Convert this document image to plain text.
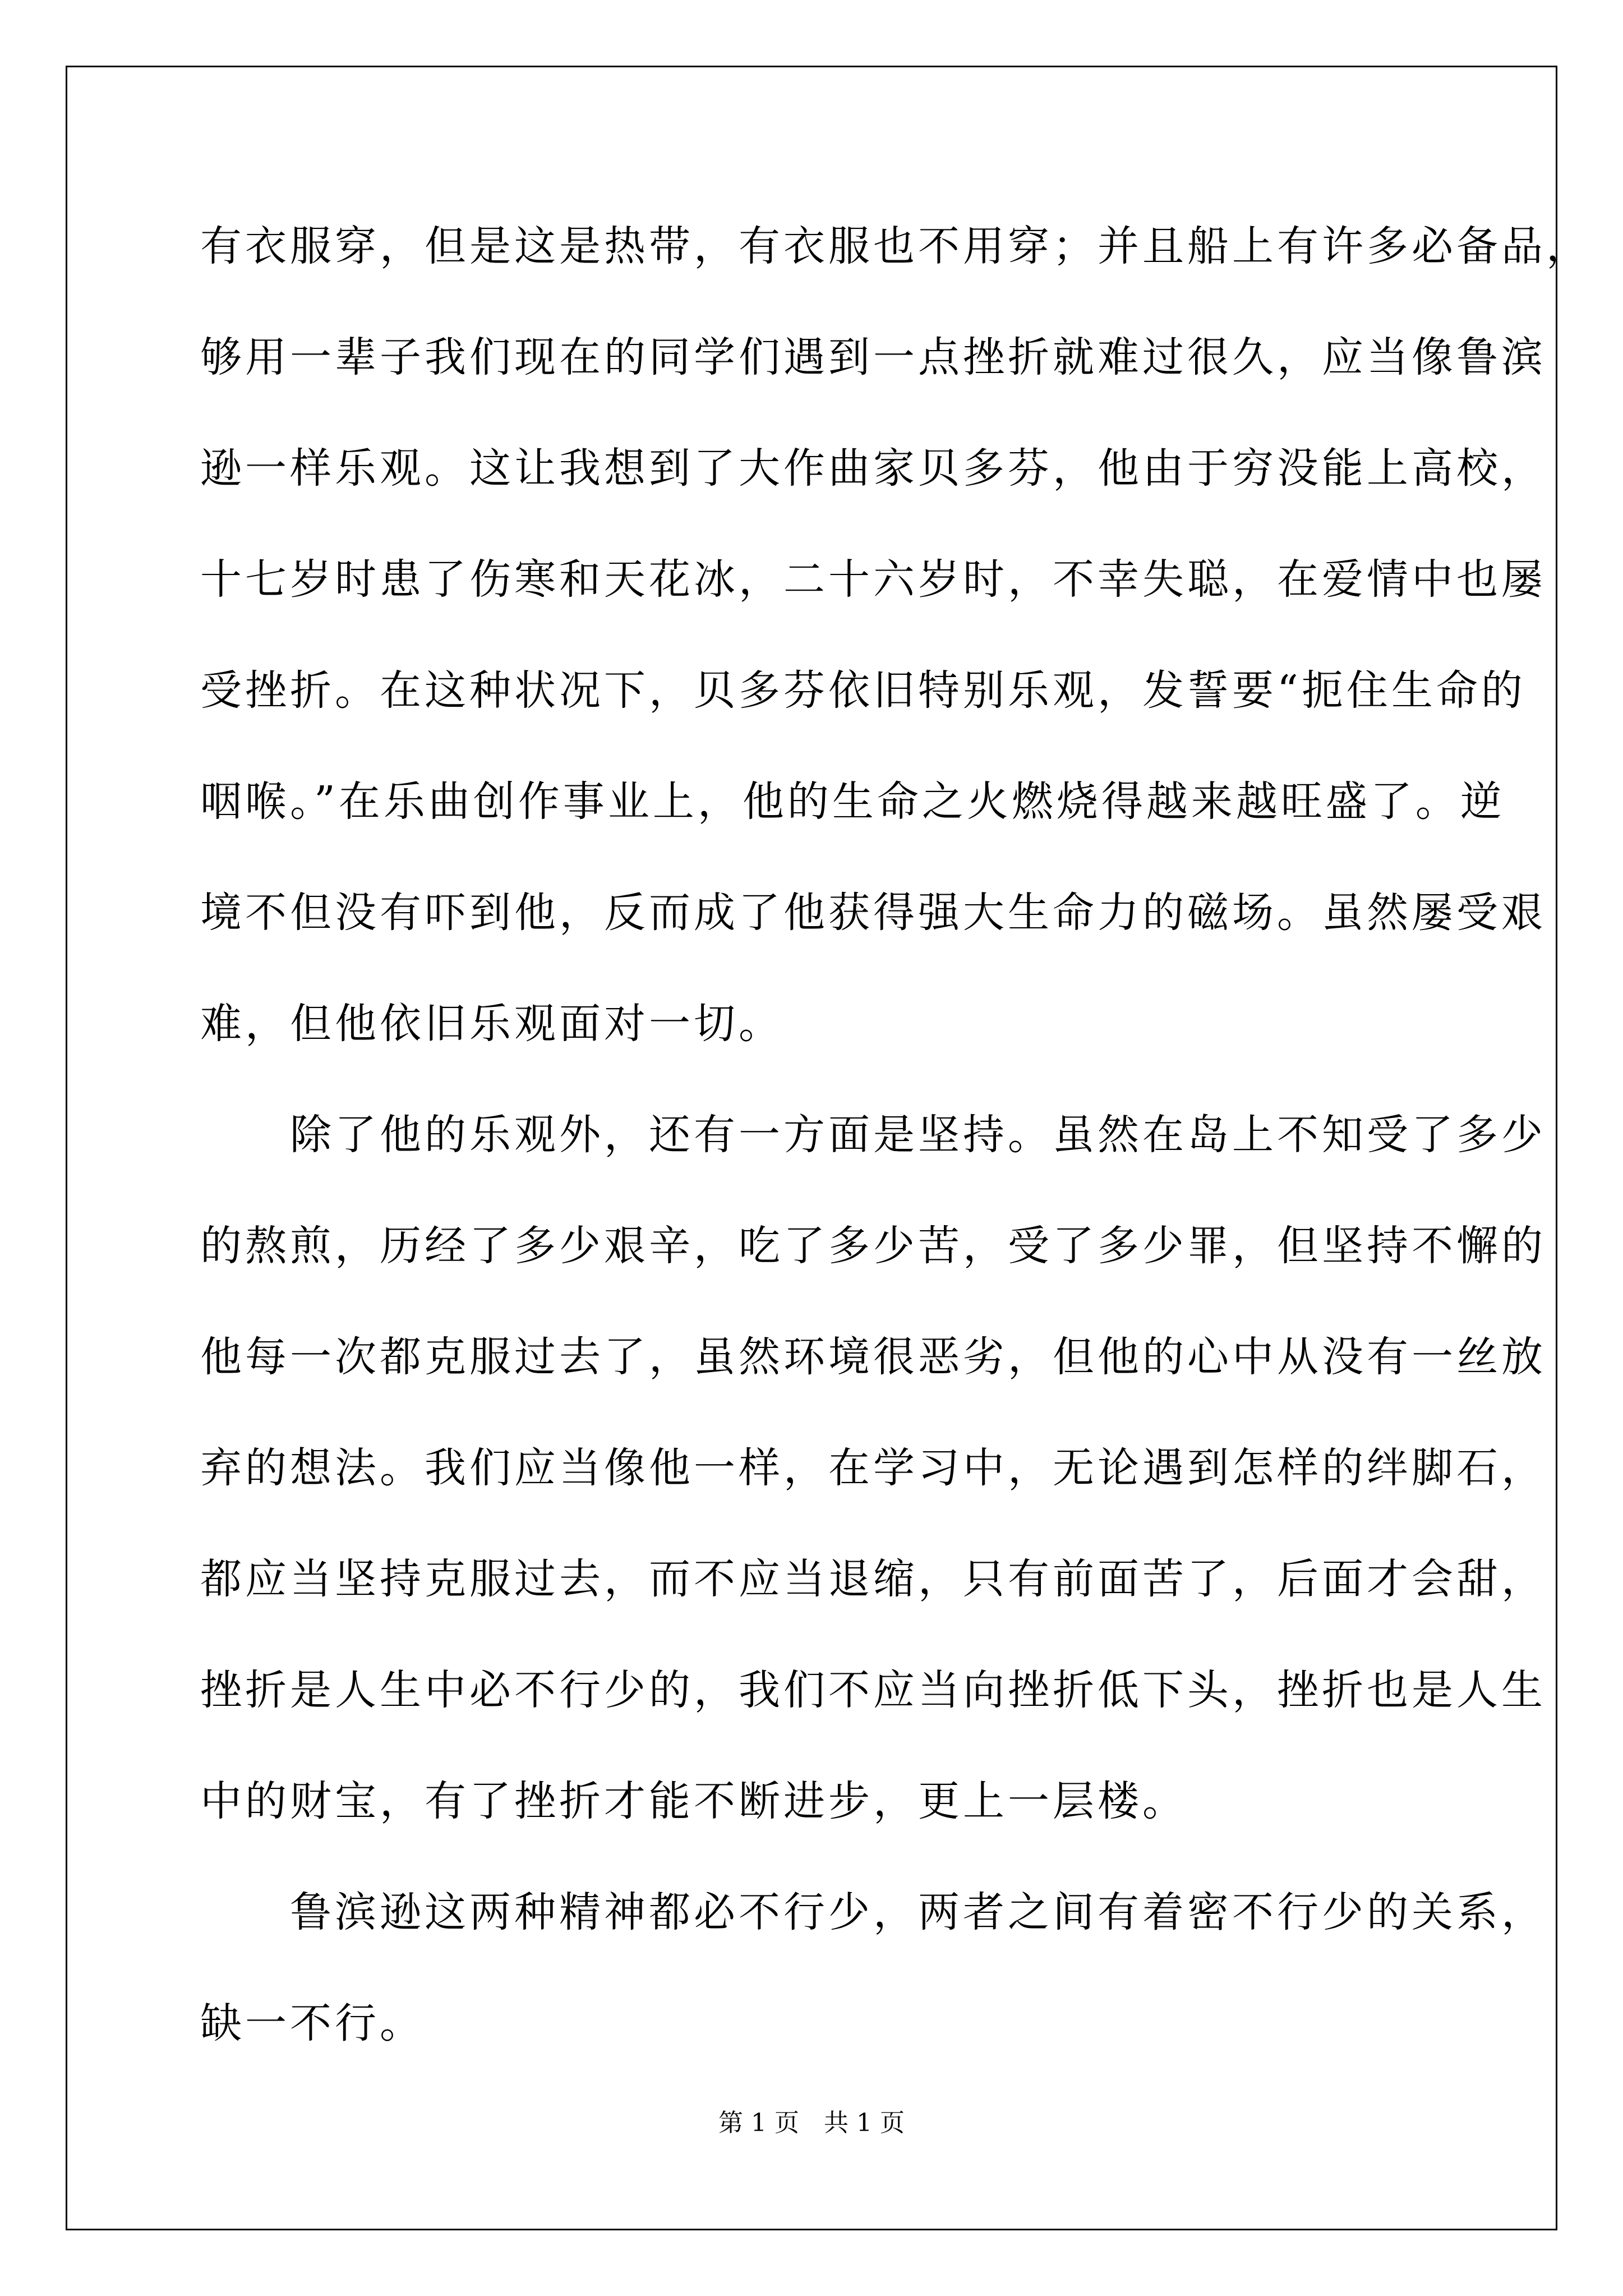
有衣服穿，但是这是热带，有衣服也不用穿；并且船上有许多必备品，
够用一辈子我们现在的同学们遇到一点挫折就难过很久，应当像鲁滨
逊一样乐观。这让我想到了大作曲家贝多芬，他由于穷没能上高校，
十七岁时患了伤寒和天花冰，二十六岁时，不幸失聪，在爱情中也屡
受挫折。在这种状况下，贝多芬依旧特别乐观，发誓要“扼住生命的
咽喉。”在乐曲创作事业上，他的生命之火燃烧得越来越旺盛了。逆
境不但没有吓到他，反而成了他获得强大生命力的磁场。虽然屡受艰
难，但他依旧乐观面对一切。
　　除了他的乐观外，还有一方面是坚持。虽然在岛上不知受了多少
的熬煎，历经了多少艰辛，吃了多少苦，受了多少罪，但坚持不懈的
他每一次都克服过去了，虽然环境很恶劣，但他的心中从没有一丝放
弃的想法。我们应当像他一样，在学习中，无论遇到怎样的绊脚石，
都应当坚持克服过去，而不应当退缩，只有前面苦了，后面才会甜，
挫折是人生中必不行少的，我们不应当向挫折低下头，挫折也是人生
中的财宝，有了挫折才能不断进步，更上一层楼。
　　鲁滨逊这两种精神都必不行少，两者之间有着密不行少的关系，
缺一不行。
第 1 页　共 1 页
